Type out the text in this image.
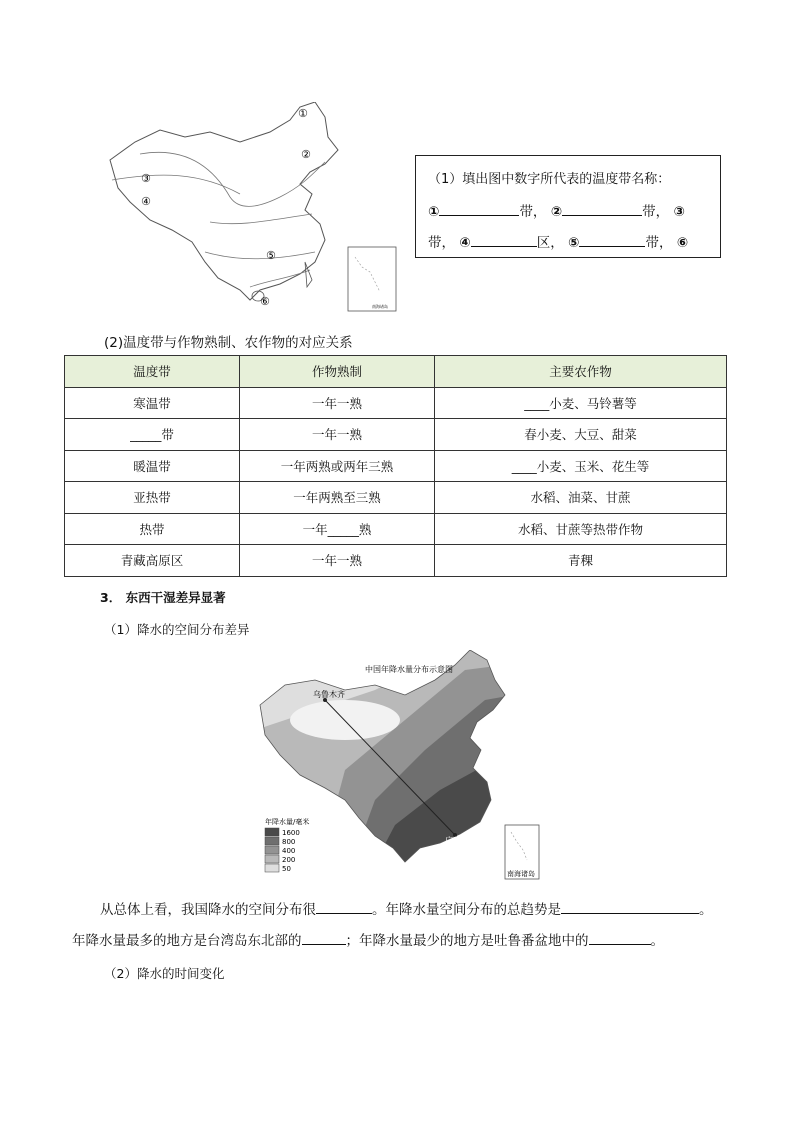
①
②
③
④
⑤
⑥	南海诸岛
（1）填出图中数字所代表的温度带名称：
①	带， ②	带， ③
带， ④	区， ⑤	带， ⑥
(2)温度带与作物熟制、农作物的对应关系
温度带	作物熟制	主要农作物
寒温带	一年一熟	____小麦、马铃薯等
_____带	一年一熟	春小麦、大豆、甜菜
暖温带	一年两熟或两年三熟	____小麦、玉米、花生等
亚热带	一年两熟至三熟	水稻、油菜、甘蔗
热带	一年_____熟	水稻、甘蔗等热带作物
青藏高原区	一年一熟	青稞
3． 东西干湿差异显著
（1）降水的空间分布差异
中国年降水量分布示意图
乌鲁木齐
广州
南海诸岛
年降水量/毫米
1600
800
400
200
50
从总体上看，我国降水的空间分布很	。年降水量空间分布的总趋势是	。
年降水量最多的地方是台湾岛东北部的	；年降水量最少的地方是吐鲁番盆地中的	。
（2）降水的时间变化
